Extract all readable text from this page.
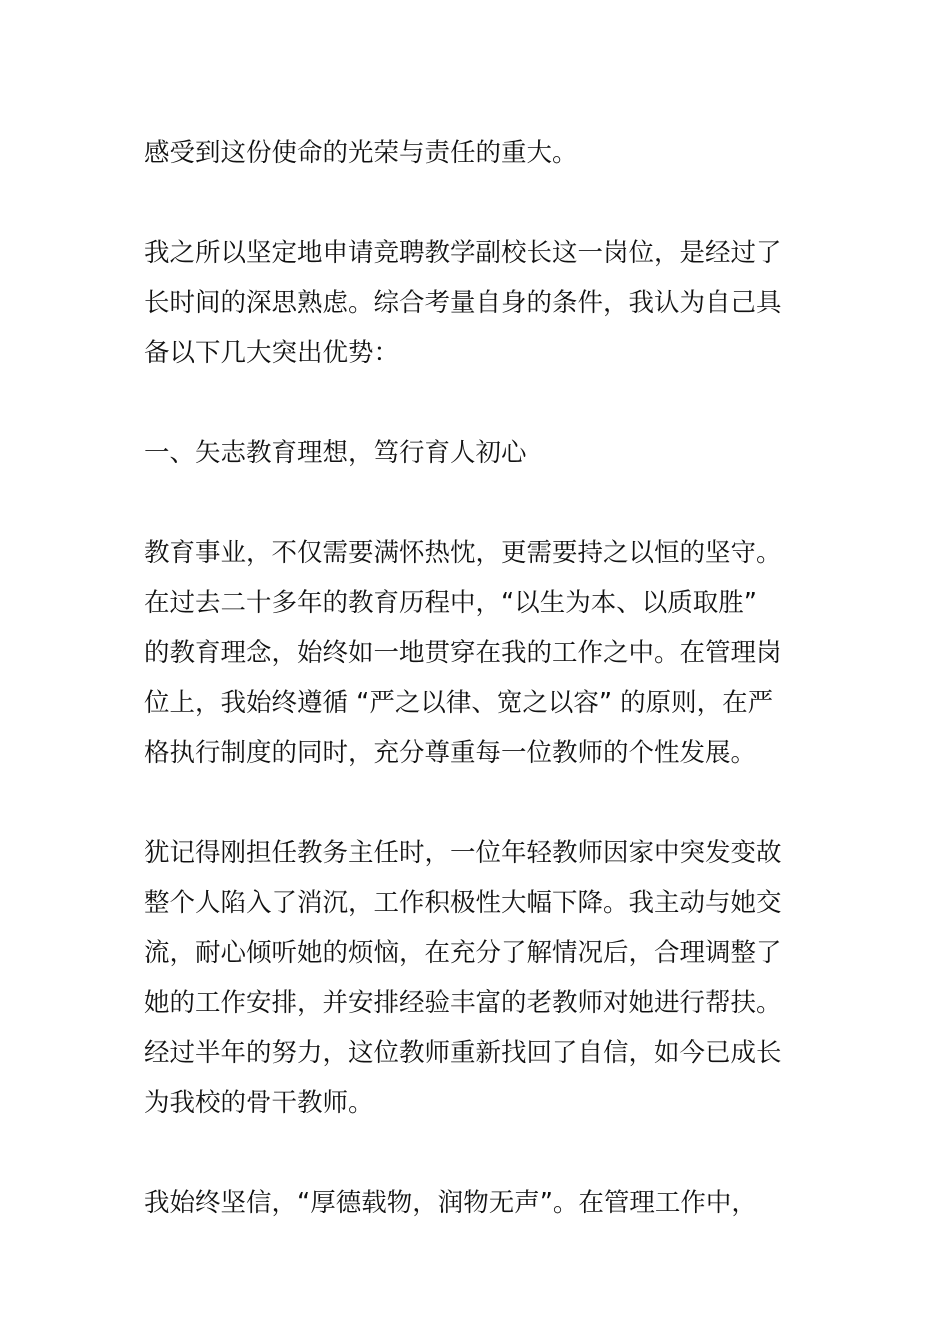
感受到这份使命的光荣与责任的重大。

我之所以坚定地申请竞聘教学副校长这一岗位，是经过了
长时间的深思熟虑。综合考量自身的条件，我认为自己具
备以下几大突出优势：

一、矢志教育理想，笃行育人初心

教育事业，不仅需要满怀热忱，更需要持之以恒的坚守。
在过去二十多年的教育历程中，“以生为本、以质取胜”
的教育理念，始终如一地贯穿在我的工作之中。在管理岗
位上，我始终遵循 “严之以律、宽之以容” 的原则，在严
格执行制度的同时，充分尊重每一位教师的个性发展。

犹记得刚担任教务主任时，一位年轻教师因家中突发变故
整个人陷入了消沉，工作积极性大幅下降。我主动与她交
流，耐心倾听她的烦恼，在充分了解情况后，合理调整了
她的工作安排，并安排经验丰富的老教师对她进行帮扶。
经过半年的努力，这位教师重新找回了自信，如今已成长
为我校的骨干教师。

我始终坚信，“厚德载物，润物无声”。在管理工作中，
